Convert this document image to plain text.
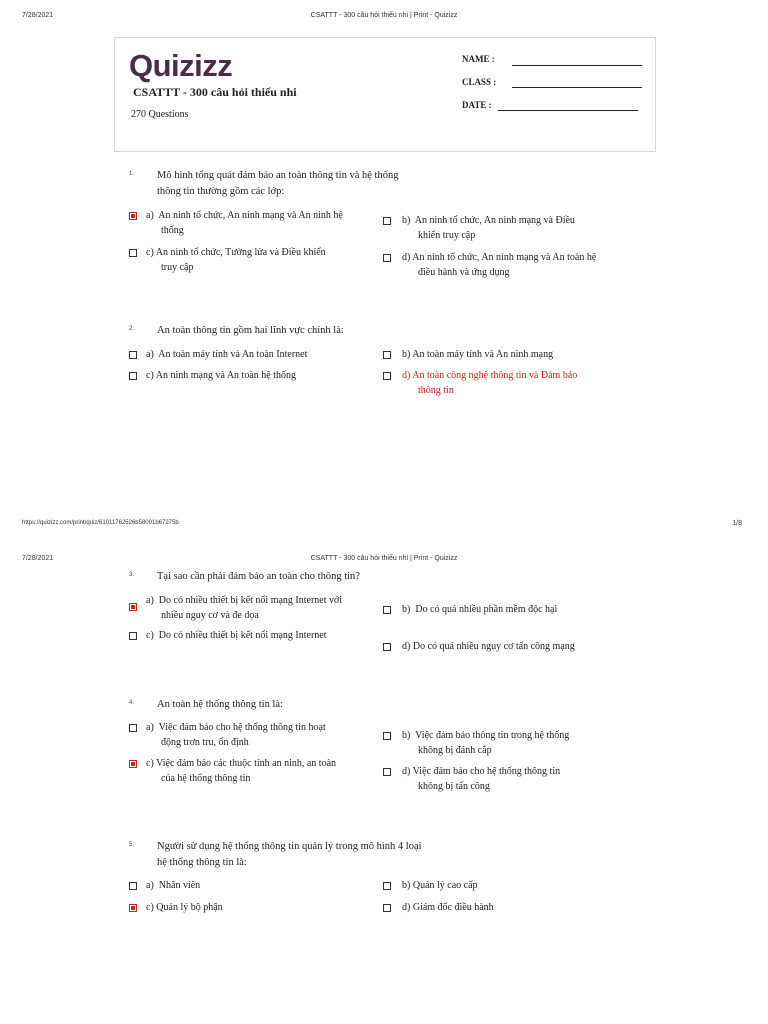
7/28/2021	CSATTT - 300 câu hỏi thiếu nhi | Print - Quizizz
Quizizz
CSATTT - 300 câu hỏi thiếu nhi
270 Questions
NAME :
CLASS :
DATE :
1. Mô hình tổng quát đảm bảo an toàn thông tin và hệ thống
thông tin thường gồm các lớp:
a) An ninh tổ chức, An ninh mạng và An ninh hệ
thống
b) An ninh tổ chức, An ninh mạng và Điều
khiển truy cập
c) An ninh tổ chức, Tường lửa và Điều khiển
truy cập
d) An ninh tổ chức, An ninh mạng và An toàn hệ
điều hành và ứng dụng
2. An toàn thông tin gồm hai lĩnh vực chính là:
a) An toàn máy tính và An toàn Internet	b) An toàn máy tính và An ninh mạng
c) An ninh mạng và An toàn hệ thống	d) An toàn công nghệ thông tin và Đảm bảo
thông tin
https://quizizz.com/print/quiz/61011762526b58001b67275b	1/8
7/28/2021	CSATTT - 300 câu hỏi thiếu nhi | Print - Quizizz
3. Tại sao cần phải đảm bảo an toàn cho thông tin?
a) Do có nhiều thiết bị kết nối mạng Internet với
nhiều nguy cơ và đe dọa
b) Do có quá nhiều phần mềm độc hại
c) Do có nhiều thiết bị kết nối mạng Internet
d) Do có quá nhiều nguy cơ tấn công mạng
4. An toàn hệ thống thông tin là:
a) Việc đảm bảo cho hệ thống thông tin hoạt
động trơn tru, ổn định
b) Việc đảm bảo thông tin trong hệ thống
không bị đánh cắp
c) Việc đảm bảo các thuộc tính an ninh, an toàn
của hệ thống thông tin
d) Việc đảm bảo cho hệ thống thông tin
không bị tấn công
5. Người sử dụng hệ thống thông tin quản lý trong mô hình 4 loại
hệ thống thông tin là:
a) Nhân viên	b) Quản lý cao cấp
c) Quản lý bộ phận	d) Giám đốc điều hành
